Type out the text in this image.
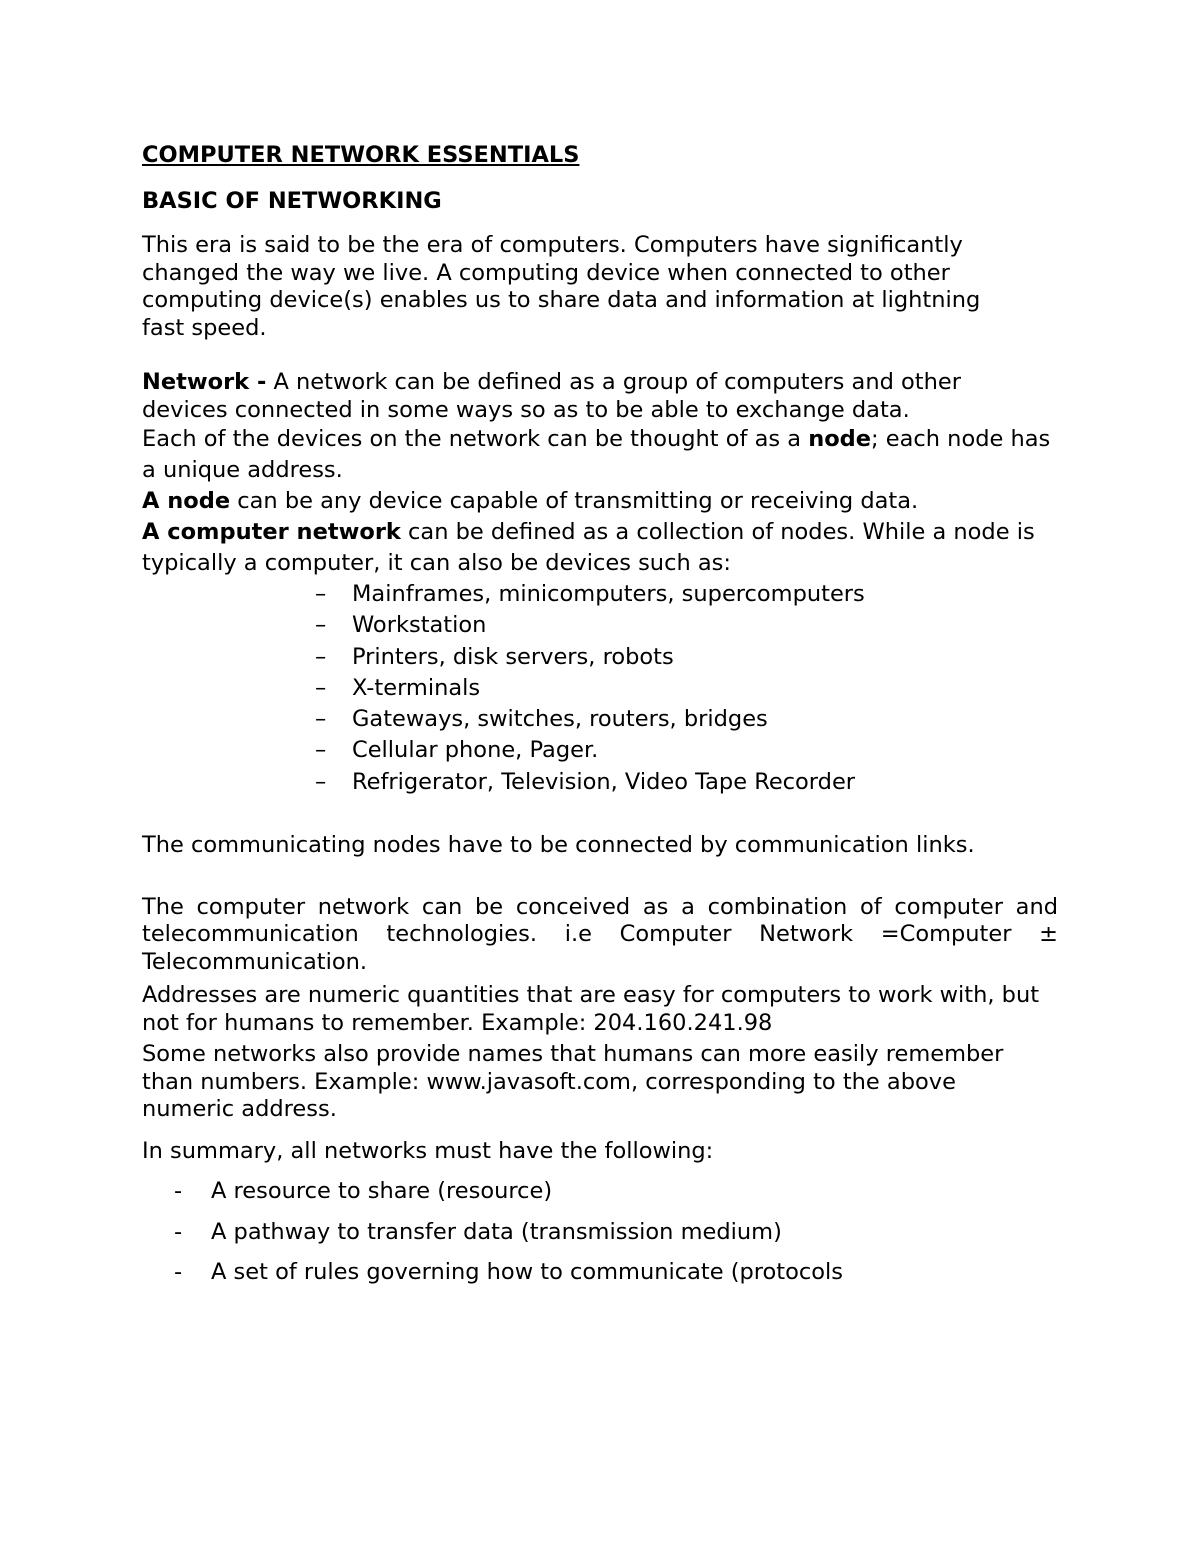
COMPUTER NETWORK ESSENTIALS

BASIC OF NETWORKING

This era is said to be the era of computers. Computers have significantly changed the way we live. A computing device when connected to other computing device(s) enables us to share data and information at lightning fast speed.

Network - A network can be defined as a group of computers and other devices connected in some ways so as to be able to exchange data.

Each of the devices on the network can be thought of as a node; each node has a unique address.

A node can be any device capable of transmitting or receiving data.

A computer network can be defined as a collection of nodes. While a node is typically a computer, it can also be devices such as:

–	Mainframes, minicomputers, supercomputers
–	Workstation
–	Printers, disk servers, robots
–	X-terminals
–	Gateways, switches, routers, bridges
–	Cellular phone, Pager.
–	Refrigerator, Television, Video Tape Recorder

The communicating nodes have to be connected by communication links.

The computer network can be conceived as a combination of computer and

telecommunication technologies. i.e Computer Network =Computer ±

Telecommunication.

Addresses are numeric quantities that are easy for computers to work with, but not for humans to remember. Example: 204.160.241.98

Some networks also provide names that humans can more easily remember than numbers. Example: www.javasoft.com, corresponding to the above numeric address.

In summary, all networks must have the following:

-	A resource to share (resource)
-	A pathway to transfer data (transmission medium)
-	A set of rules governing how to communicate (protocols
